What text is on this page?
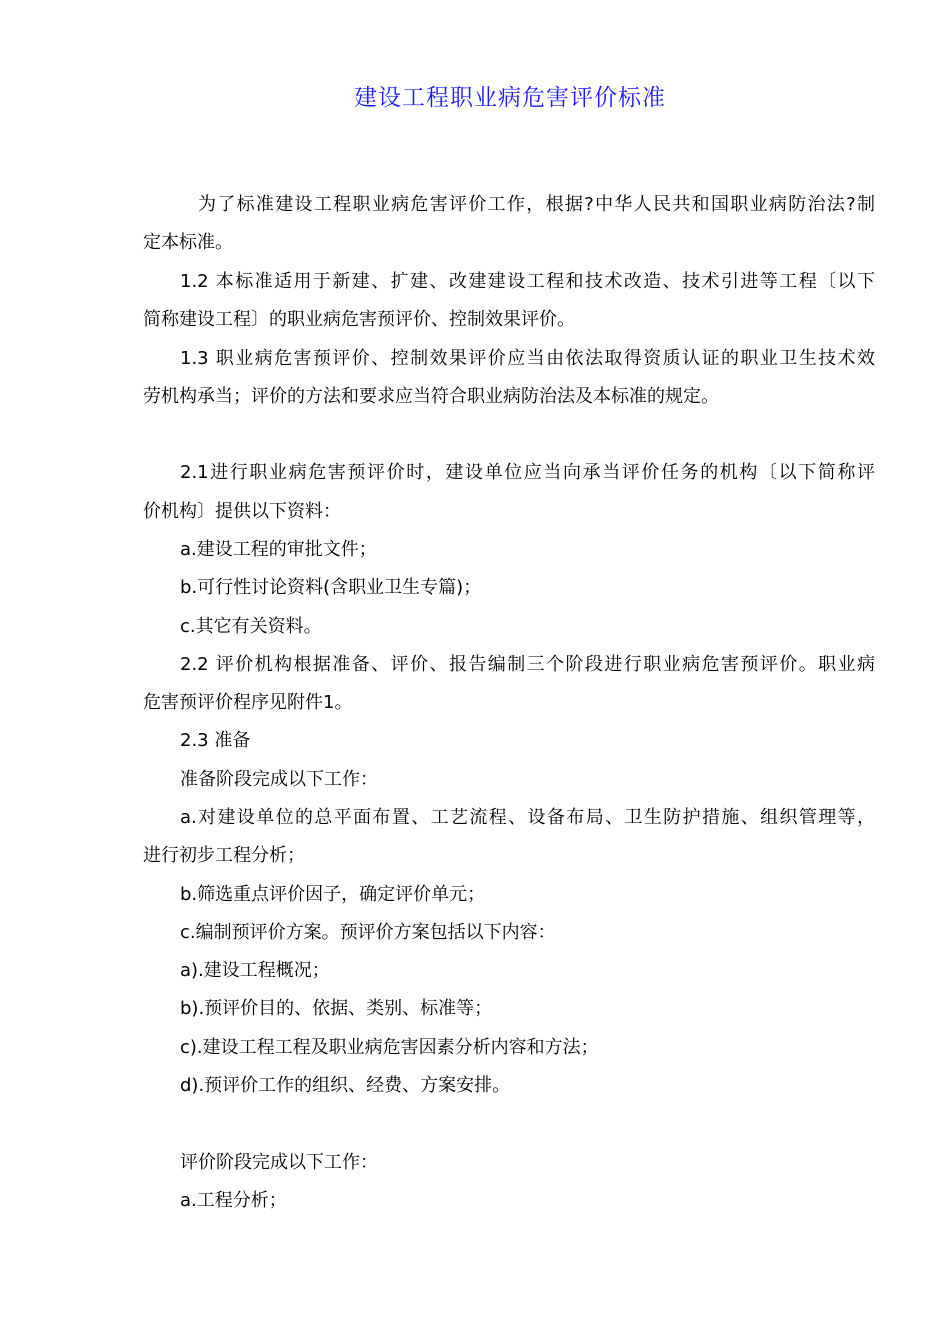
建设工程职业病危害评价标准
为了标准建设工程职业病危害评价工作，根据?中华人民共和国职业病防治法?制
定本标准。
1.2 本标准适用于新建、扩建、改建建设工程和技术改造、技术引进等工程〔以下
简称建设工程〕的职业病危害预评价、控制效果评价。
1.3 职业病危害预评价、控制效果评价应当由依法取得资质认证的职业卫生技术效
劳机构承当；评价的方法和要求应当符合职业病防治法及本标准的规定。
2.1进行职业病危害预评价时，建设单位应当向承当评价任务的机构〔以下简称评
价机构〕提供以下资料：
a.建设工程的审批文件；
b.可行性讨论资料(含职业卫生专篇)；
c.其它有关资料。
2.2 评价机构根据准备、评价、报告编制三个阶段进行职业病危害预评价。职业病
危害预评价程序见附件1。
2.3 准备
准备阶段完成以下工作：
a.对建设单位的总平面布置、工艺流程、设备布局、卫生防护措施、组织管理等，
进行初步工程分析；
b.筛选重点评价因子，确定评价单元；
c.编制预评价方案。预评价方案包括以下内容：
a).建设工程概况；
b).预评价目的、依据、类别、标准等；
c).建设工程工程及职业病危害因素分析内容和方法；
d).预评价工作的组织、经费、方案安排。
评价阶段完成以下工作：
a.工程分析；
